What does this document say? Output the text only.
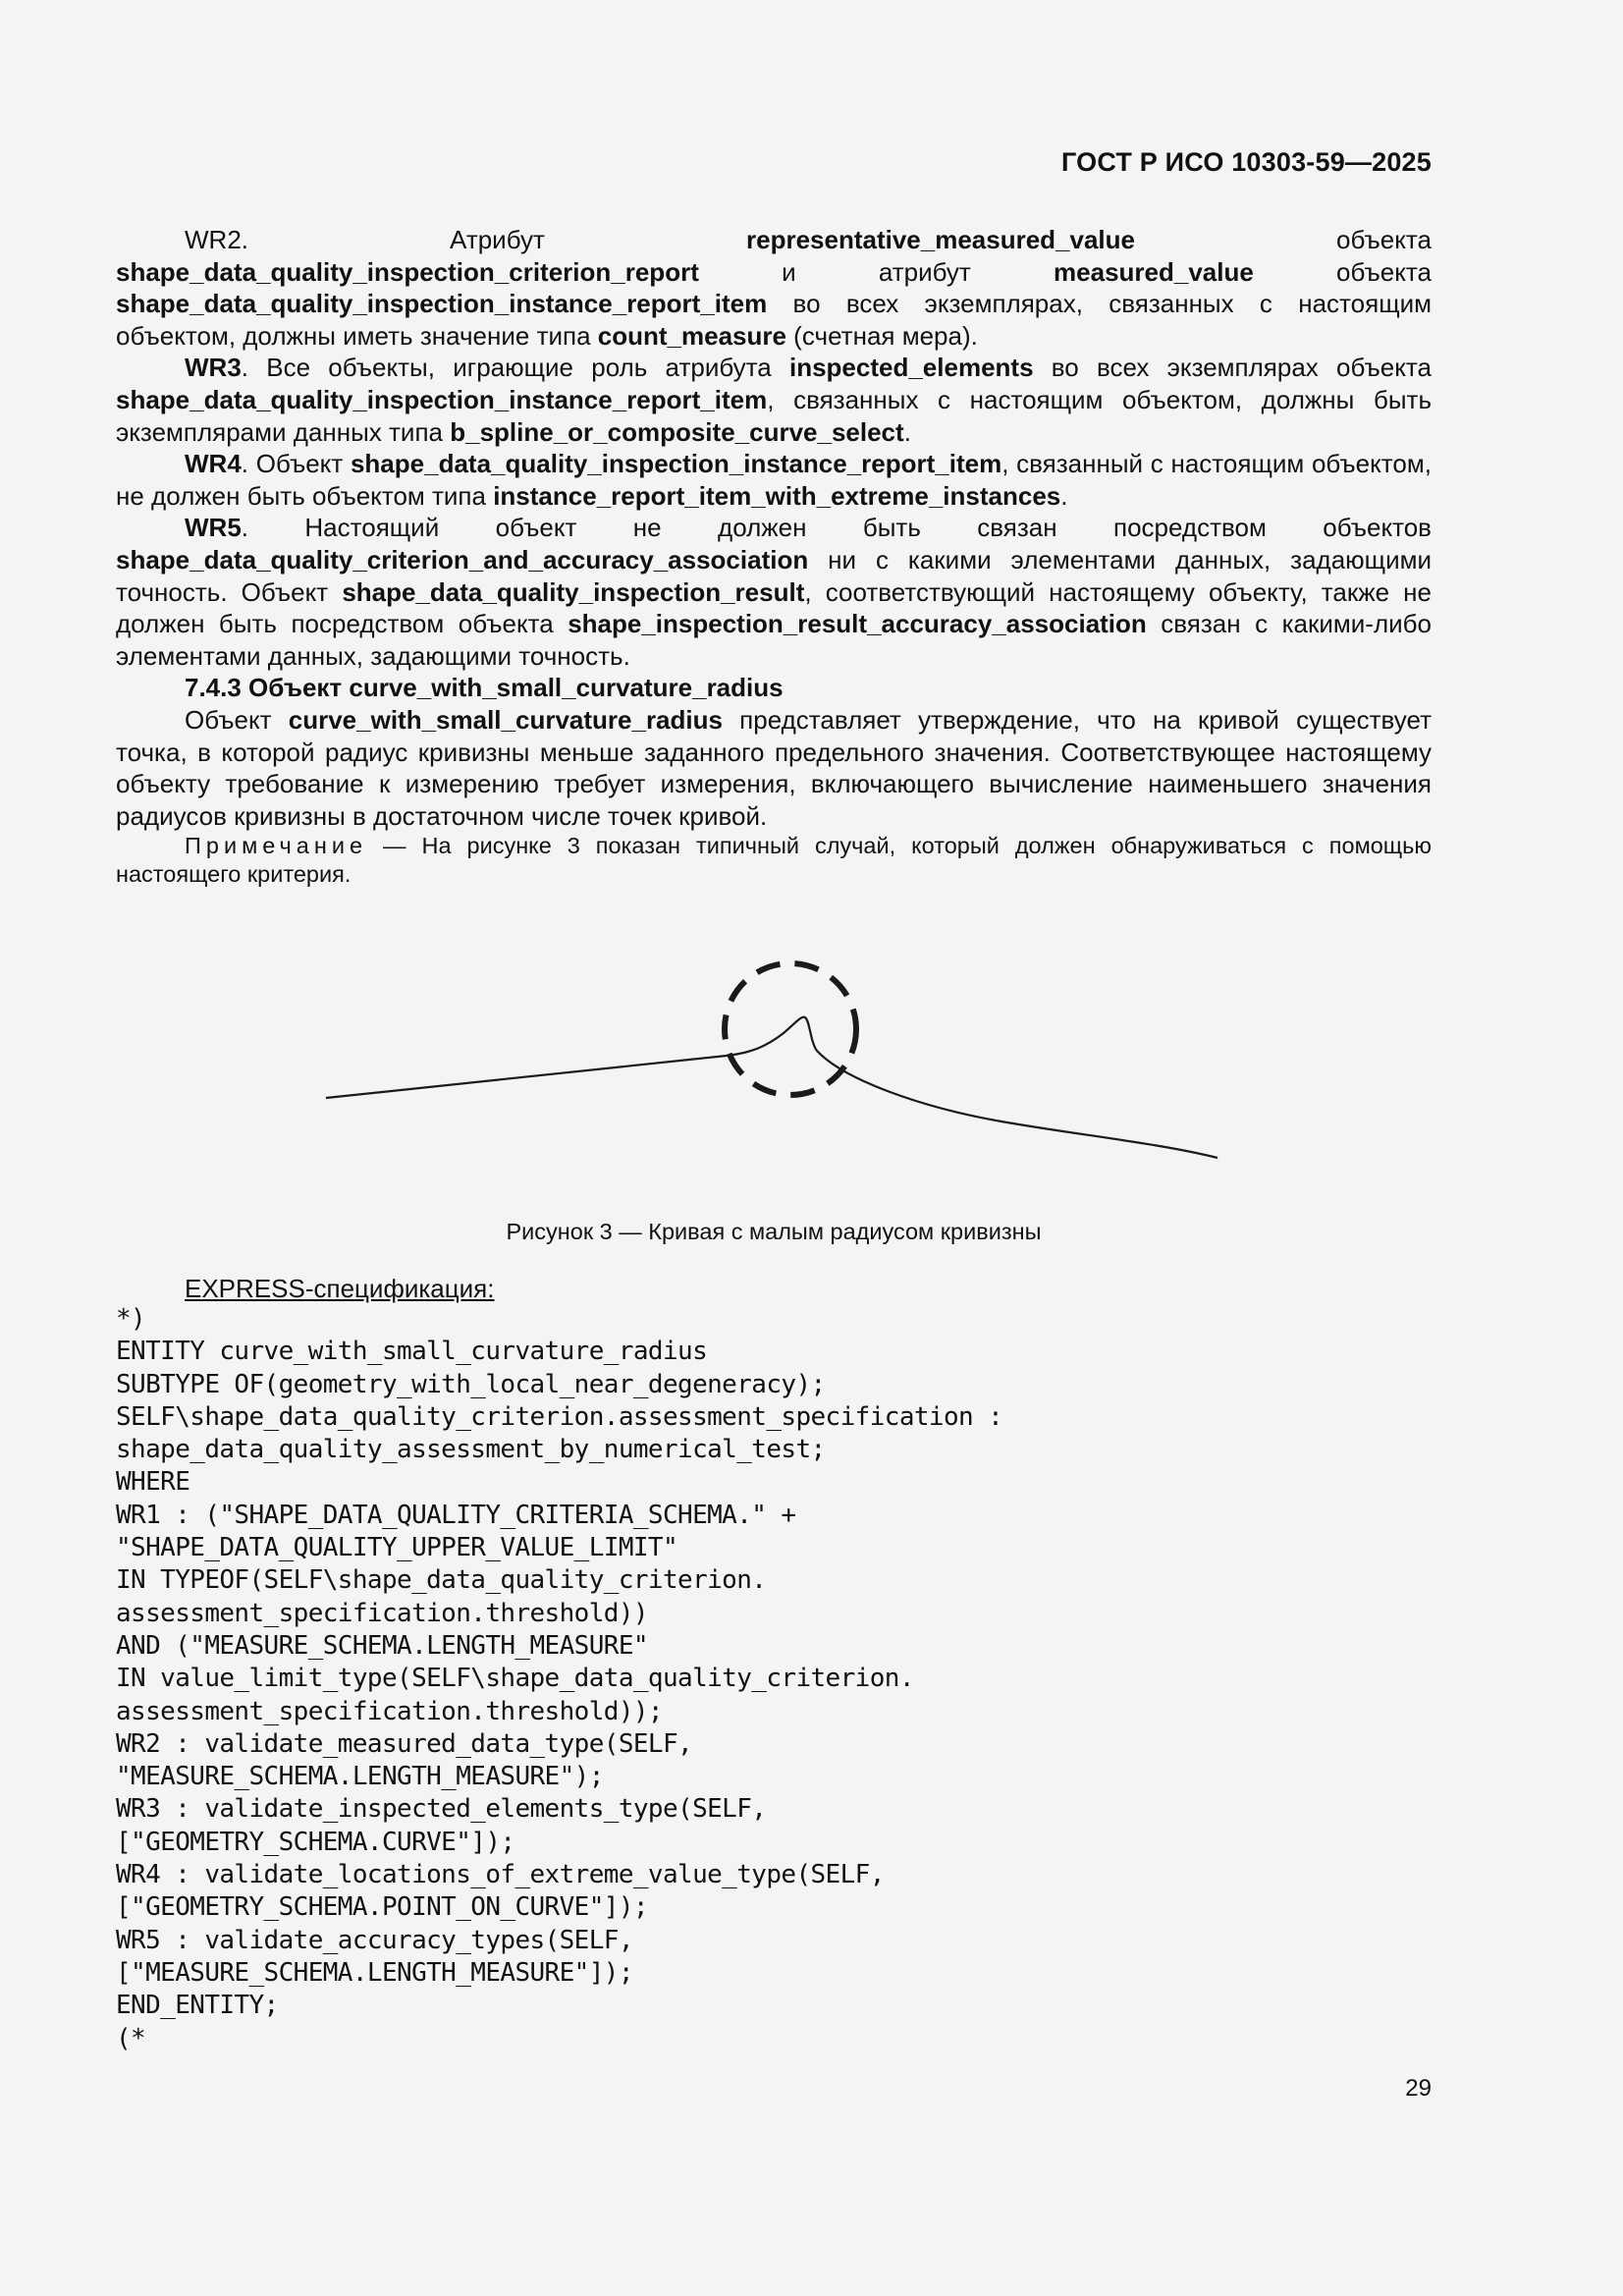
ГОСТ Р ИСО 10303-59—2025

WR2. Атрибут representative_measured_value объекта shape_data_quality_inspection_criterion_report и атрибут measured_value объекта shape_data_quality_inspection_instance_report_item во всех экземплярах, связанных с настоящим объектом, должны иметь значение типа count_measure (счетная мера).

WR3. Все объекты, играющие роль атрибута inspected_elements во всех экземплярах объекта shape_data_quality_inspection_instance_report_item, связанных с настоящим объектом, должны быть экземплярами данных типа b_spline_or_composite_curve_select.

WR4. Объект shape_data_quality_inspection_instance_report_item, связанный с настоящим объектом, не должен быть объектом типа instance_report_item_with_extreme_instances.

WR5. Настоящий объект не должен быть связан посредством объектов shape_data_quality_criterion_and_accuracy_association ни с какими элементами данных, задающими точность. Объект shape_data_quality_inspection_result, соответствующий настоящему объекту, также не должен быть посредством объекта shape_inspection_result_accuracy_association связан с какими-либо элементами данных, задающими точность.

7.4.3 Объект curve_with_small_curvature_radius

Объект curve_with_small_curvature_radius представляет утверждение, что на кривой существует точка, в которой радиус кривизны меньше заданного предельного значения. Соответствующее настоящему объекту требование к измерению требует измерения, включающего вычисление наименьшего значения радиусов кривизны в достаточном числе точек кривой.

Примечание — На рисунке 3 показан типичный случай, который должен обнаруживаться с помощью настоящего критерия.

Рисунок 3 — Кривая с малым радиусом кривизны
EXPRESS-спецификация:
*)
ENTITY curve_with_small_curvature_radius
SUBTYPE OF(geometry_with_local_near_degeneracy);
SELF\shape_data_quality_criterion.assessment_specification :
shape_data_quality_assessment_by_numerical_test;
WHERE
WR1 : ("SHAPE_DATA_QUALITY_CRITERIA_SCHEMA." +
"SHAPE_DATA_QUALITY_UPPER_VALUE_LIMIT"
IN TYPEOF(SELF\shape_data_quality_criterion.
assessment_specification.threshold))
AND ("MEASURE_SCHEMA.LENGTH_MEASURE"
IN value_limit_type(SELF\shape_data_quality_criterion.
assessment_specification.threshold));
WR2 : validate_measured_data_type(SELF,
"MEASURE_SCHEMA.LENGTH_MEASURE");
WR3 : validate_inspected_elements_type(SELF,
["GEOMETRY_SCHEMA.CURVE"]);
WR4 : validate_locations_of_extreme_value_type(SELF,
["GEOMETRY_SCHEMA.POINT_ON_CURVE"]);
WR5 : validate_accuracy_types(SELF,
["MEASURE_SCHEMA.LENGTH_MEASURE"]);
END_ENTITY;
(*
29
